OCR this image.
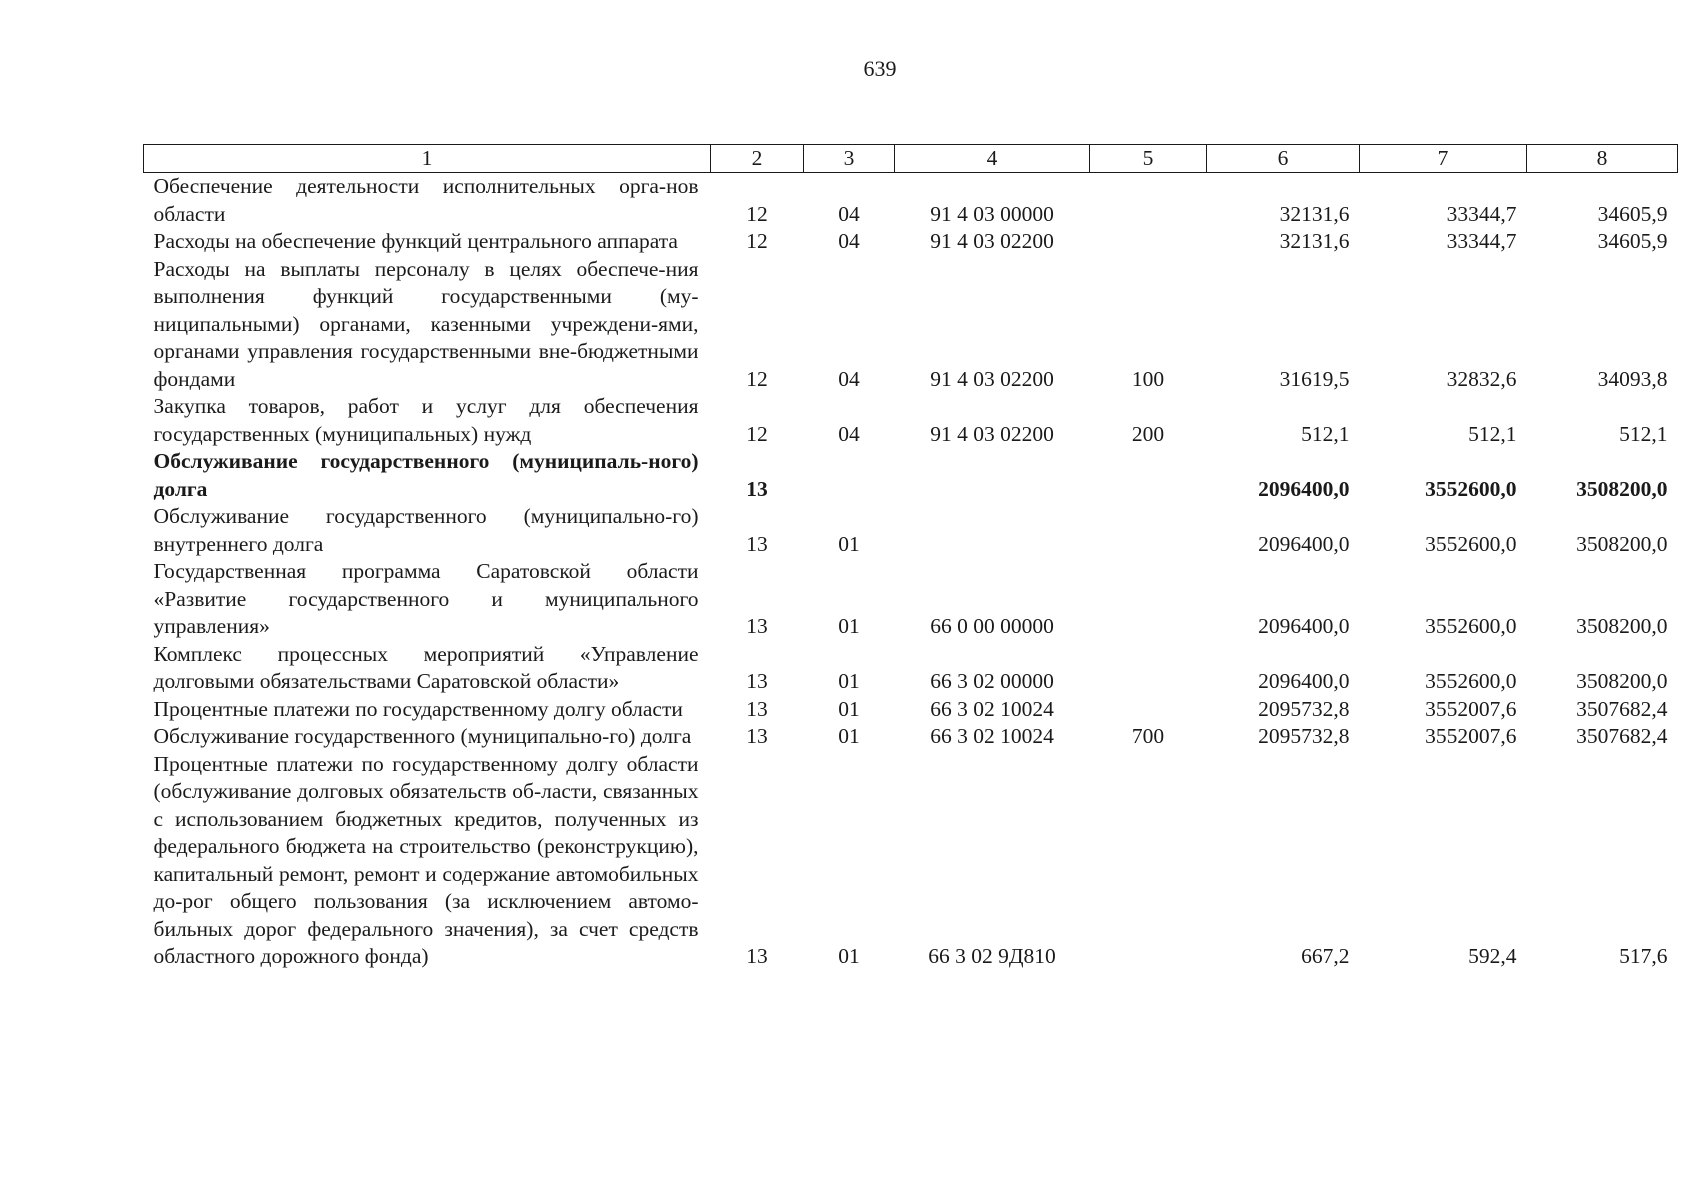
639
1	2	3	4	5	6	7	8
Обеспечение деятельности исполнительных орга-нов области	12	04	91 4 03 00000		32131,6	33344,7	34605,9
Расходы на обеспечение функций центрального аппарата	12	04	91 4 03 02200		32131,6	33344,7	34605,9
Расходы на выплаты персоналу в целях обеспече-ния выполнения функций государственными (му-ниципальными) органами, казенными учреждени-ями, органами управления государственными вне-бюджетными фондами	12	04	91 4 03 02200	100	31619,5	32832,6	34093,8
Закупка товаров, работ и услуг для обеспечения государственных (муниципальных) нужд	12	04	91 4 03 02200	200	512,1	512,1	512,1
Обслуживание государственного (муниципаль-ного) долга	13				2096400,0	3552600,0	3508200,0
Обслуживание государственного (муниципально-го) внутреннего долга	13	01			2096400,0	3552600,0	3508200,0
Государственная программа Саратовской области «Развитие государственного и муниципального управления»	13	01	66 0 00 00000		2096400,0	3552600,0	3508200,0
Комплекс процессных мероприятий «Управление долговыми обязательствами Саратовской области»	13	01	66 3 02 00000		2096400,0	3552600,0	3508200,0
Процентные платежи по государственному долгу области	13	01	66 3 02 10024		2095732,8	3552007,6	3507682,4
Обслуживание государственного (муниципально-го) долга	13	01	66 3 02 10024	700	2095732,8	3552007,6	3507682,4
Процентные платежи по государственному долгу области (обслуживание долговых обязательств об-ласти, связанных с использованием бюджетных кредитов, полученных из федерального бюджета на строительство (реконструкцию), капитальный ремонт, ремонт и содержание автомобильных до-рог общего пользования (за исключением автомо-бильных дорог федерального значения), за счет средств областного дорожного фонда)	13	01	66 3 02 9Д810		667,2	592,4	517,6
